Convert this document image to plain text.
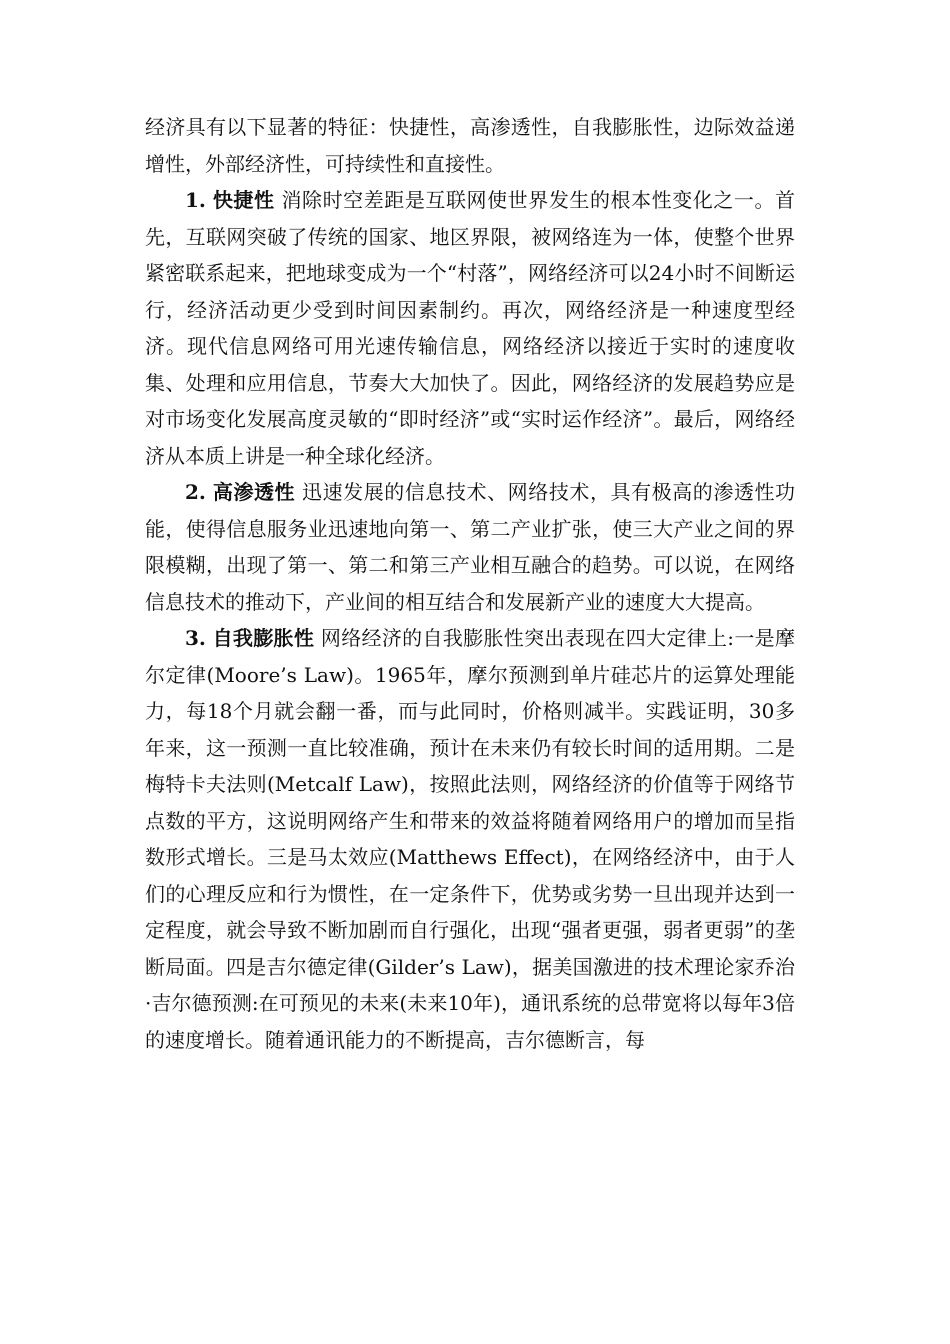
经济具有以下显著的特征：快捷性，高渗透性，自我膨胀性，边际效益递增性，外部经济性，可持续性和直接性。

1. 快捷性 消除时空差距是互联网使世界发生的根本性变化之一。首先，互联网突破了传统的国家、地区界限，被网络连为一体，使整个世界紧密联系起来，把地球变成为一个“村落”，网络经济可以24小时不间断运行，经济活动更少受到时间因素制约。再次，网络经济是一种速度型经济。现代信息网络可用光速传输信息，网络经济以接近于实时的速度收集、处理和应用信息，节奏大大加快了。因此，网络经济的发展趋势应是对市场变化发展高度灵敏的“即时经济”或“实时运作经济”。最后，网络经济从本质上讲是一种全球化经济。

2. 高渗透性 迅速发展的信息技术、网络技术，具有极高的渗透性功能，使得信息服务业迅速地向第一、第二产业扩张，使三大产业之间的界限模糊，出现了第一、第二和第三产业相互融合的趋势。可以说，在网络信息技术的推动下，产业间的相互结合和发展新产业的速度大大提高。

3. 自我膨胀性 网络经济的自我膨胀性突出表现在四大定律上:一是摩尔定律(Moore’s Law)。1965年，摩尔预测到单片硅芯片的运算处理能力，每18个月就会翻一番，而与此同时，价格则减半。实践证明，30多年来，这一预测一直比较准确，预计在未来仍有较长时间的适用期。二是梅特卡夫法则(Metcalf Law)，按照此法则，网络经济的价值等于网络节点数的平方，这说明网络产生和带来的效益将随着网络用户的增加而呈指数形式增长。三是马太效应(Matthews Effect)，在网络经济中，由于人们的心理反应和行为惯性，在一定条件下，优势或劣势一旦出现并达到一定程度，就会导致不断加剧而自行强化，出现“强者更强，弱者更弱”的垄断局面。四是吉尔德定律(Gilder’s Law)，据美国激进的技术理论家乔治·吉尔德预测:在可预见的未来(未来10年)，通讯系统的总带宽将以每年3倍的速度增长。随着通讯能力的不断提高，吉尔德断言，每
